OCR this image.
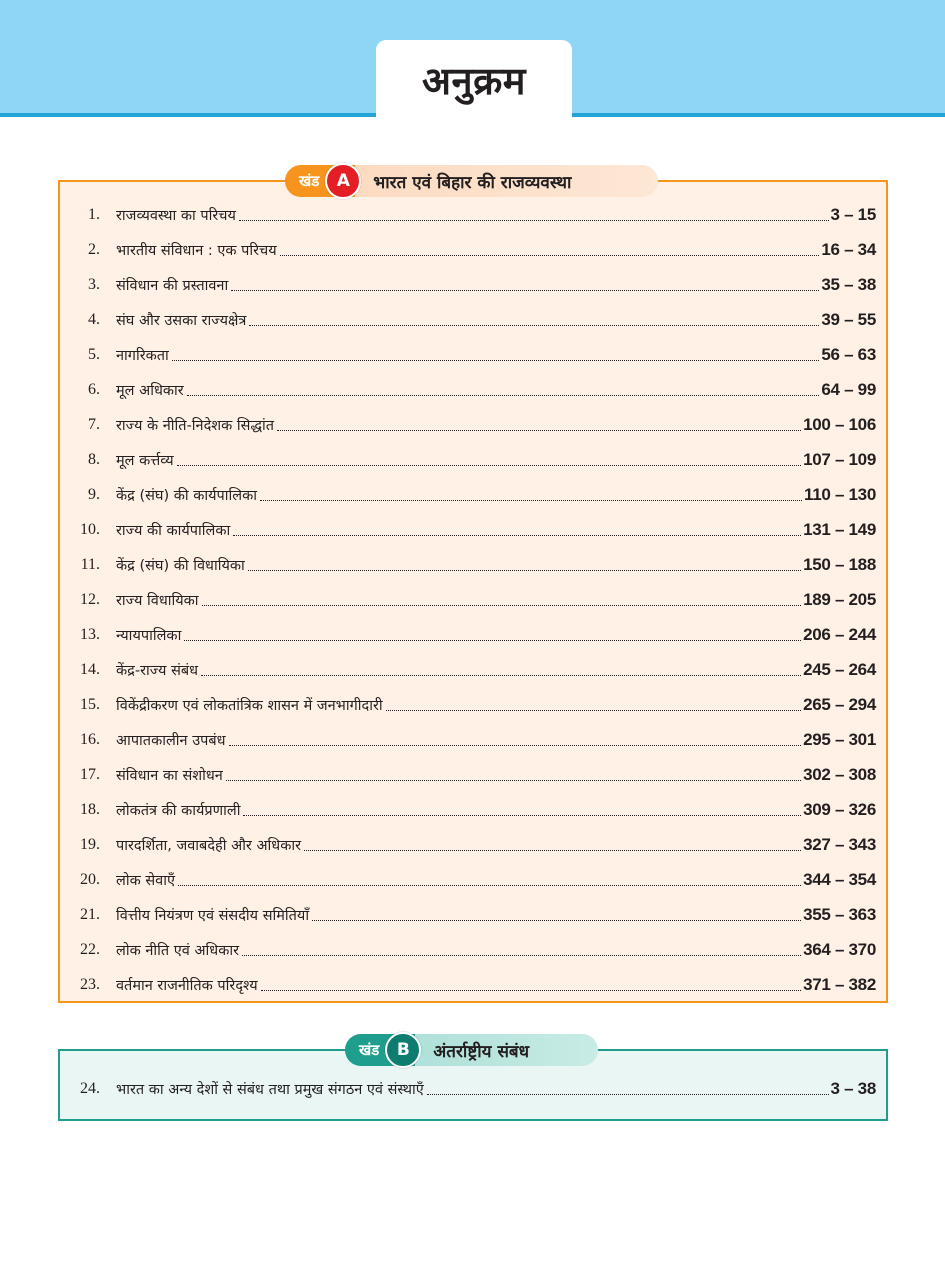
अनुक्रम
खंड	A	भारत एवं बिहार की राजव्यवस्था
1. राजव्यवस्था का परिचय	3 – 15
2. भारतीय संविधान : एक परिचय	16 – 34
3. संविधान की प्रस्तावना	35 – 38
4. संघ और उसका राज्यक्षेत्र	39 – 55
5. नागरिकता	56 – 63
6. मूल अधिकार	64 – 99
7. राज्य के नीति-निदेशक सिद्धांत	100 – 106
8. मूल कर्त्तव्य	107 – 109
9. केंद्र (संघ) की कार्यपालिका	110 – 130
10. राज्य की कार्यपालिका	131 – 149
11. केंद्र (संघ) की विधायिका	150 – 188
12. राज्य विधायिका	189 – 205
13. न्यायपालिका	206 – 244
14. केंद्र-राज्य संबंध	245 – 264
15. विकेंद्रीकरण एवं लोकतांत्रिक शासन में जनभागीदारी	265 – 294
16. आपातकालीन उपबंध	295 – 301
17. संविधान का संशोधन	302 – 308
18. लोकतंत्र की कार्यप्रणाली	309 – 326
19. पारदर्शिता, जवाबदेही और अधिकार	327 – 343
20. लोक सेवाएँ	344 – 354
21. वित्तीय नियंत्रण एवं संसदीय समितियाँ	355 – 363
22. लोक नीति एवं अधिकार	364 – 370
23. वर्तमान राजनीतिक परिदृश्य	371 – 382
खंड	B	अंतर्राष्ट्रीय संबंध
24. भारत का अन्य देशों से संबंध तथा प्रमुख संगठन एवं संस्थाएँ	3 – 38
